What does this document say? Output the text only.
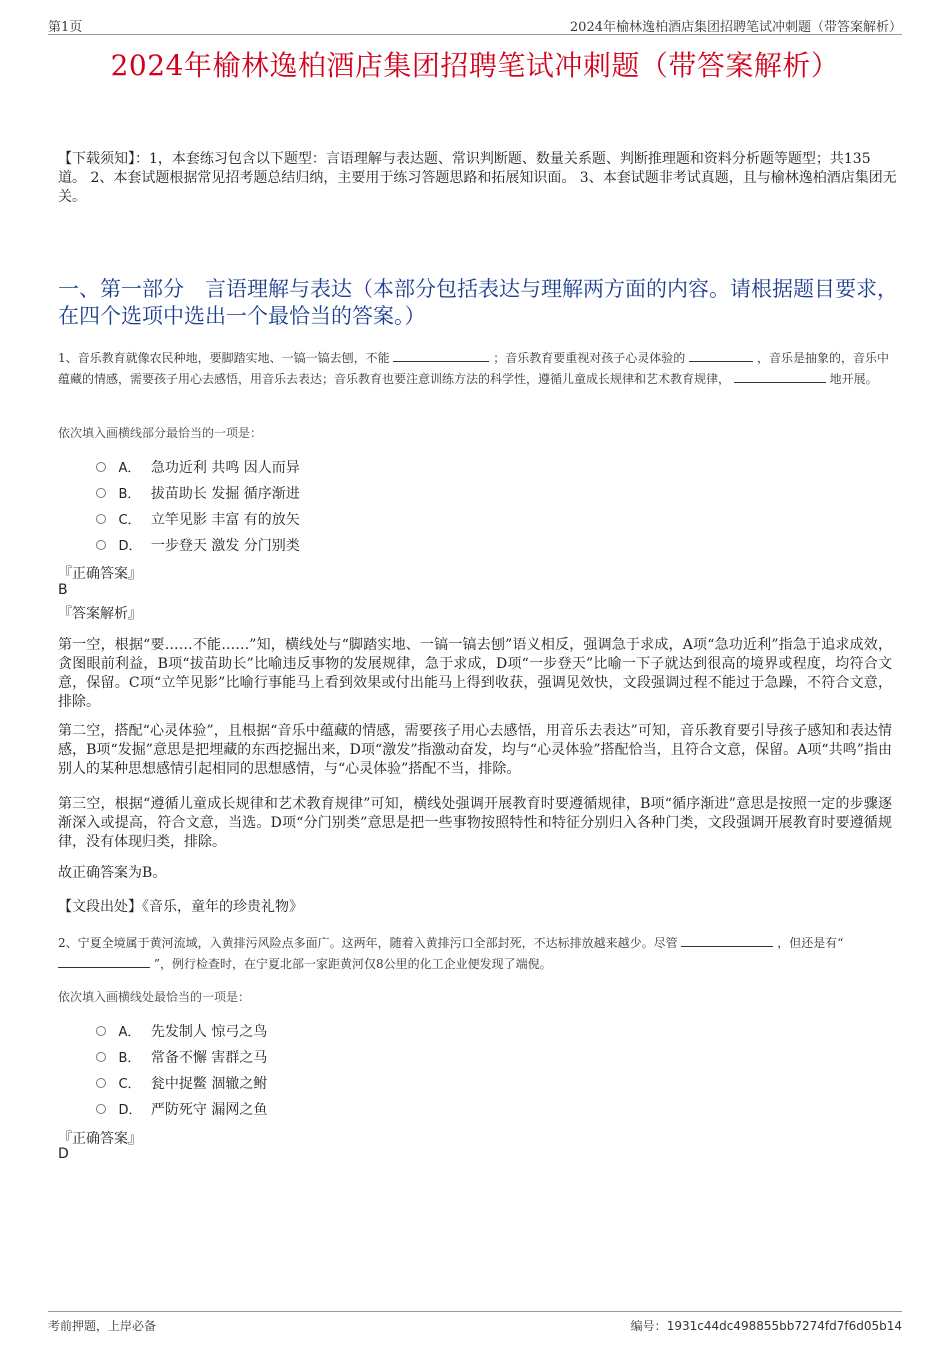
第1页	2024年榆林逸柏酒店集团招聘笔试冲刺题（带答案解析）
2024年榆林逸柏酒店集团招聘笔试冲刺题（带答案解析）
【下载须知】：1，本套练习包含以下题型：言语理解与表达题、常识判断题、数量关系题、判断推理题和资料分析题等题型；共135道。 2、本套试题根据常见招考题总结归纳，主要用于练习答题思路和拓展知识面。 3、本套试题非考试真题，且与榆林逸柏酒店集团无关。
一、第一部分　言语理解与表达（本部分包括表达与理解两方面的内容。请根据题目要求，在四个选项中选出一个最恰当的答案。）
1、音乐教育就像农民种地，要脚踏实地、一镐一镐去刨，不能	；音乐教育要重视对孩子心灵体验的	，音乐是抽象的，音乐中蕴藏的情感，需要孩子用心去感悟，用音乐去表达；音乐教育也要注意训练方法的科学性，遵循儿童成长规律和艺术教育规律，	地开展。
依次填入画横线部分最恰当的一项是：
A． 急功近利 共鸣 因人而异
B． 拔苗助长 发掘 循序渐进
C． 立竿见影 丰富 有的放矢
D． 一步登天 激发 分门别类
『正确答案』
B
『答案解析』
第一空，根据“要……不能……”知，横线处与“脚踏实地、一镐一镐去刨”语义相反，强调急于求成，A项“急功近利”指急于追求成效，贪图眼前利益，B项“拔苗助长”比喻违反事物的发展规律，急于求成，D项“一步登天”比喻一下子就达到很高的境界或程度，均符合文意，保留。C项“立竿见影”比喻行事能马上看到效果或付出能马上得到收获，强调见效快，文段强调过程不能过于急躁，不符合文意，排除。
第二空，搭配“心灵体验”，且根据“音乐中蕴藏的情感，需要孩子用心去感悟，用音乐去表达”可知，音乐教育要引导孩子感知和表达情感，B项“发掘”意思是把埋藏的东西挖掘出来，D项“激发”指激动奋发，均与“心灵体验”搭配恰当，且符合文意，保留。A项“共鸣”指由别人的某种思想感情引起相同的思想感情，与“心灵体验”搭配不当，排除。
第三空，根据“遵循儿童成长规律和艺术教育规律”可知，横线处强调开展教育时要遵循规律，B项“循序渐进”意思是按照一定的步骤逐渐深入或提高，符合文意，当选。D项“分门别类”意思是把一些事物按照特性和特征分别归入各种门类，文段强调开展教育时要遵循规律，没有体现归类，排除。
故正确答案为B。
【文段出处】《音乐，童年的珍贵礼物》
2、宁夏全境属于黄河流域，入黄排污风险点多面广。这两年，随着入黄排污口全部封死，不达标排放越来越少。尽管	，但还是有“  ”，例行检查时，在宁夏北部一家距黄河仅8公里的化工企业便发现了端倪。
依次填入画横线处最恰当的一项是：
A． 先发制人 惊弓之鸟
B． 常备不懈 害群之马
C． 瓮中捉鳖 涸辙之鲋
D． 严防死守 漏网之鱼
『正确答案』
D
考前押题，上岸必备	编号：1931c44dc498855bb7274fd7f6d05b14
